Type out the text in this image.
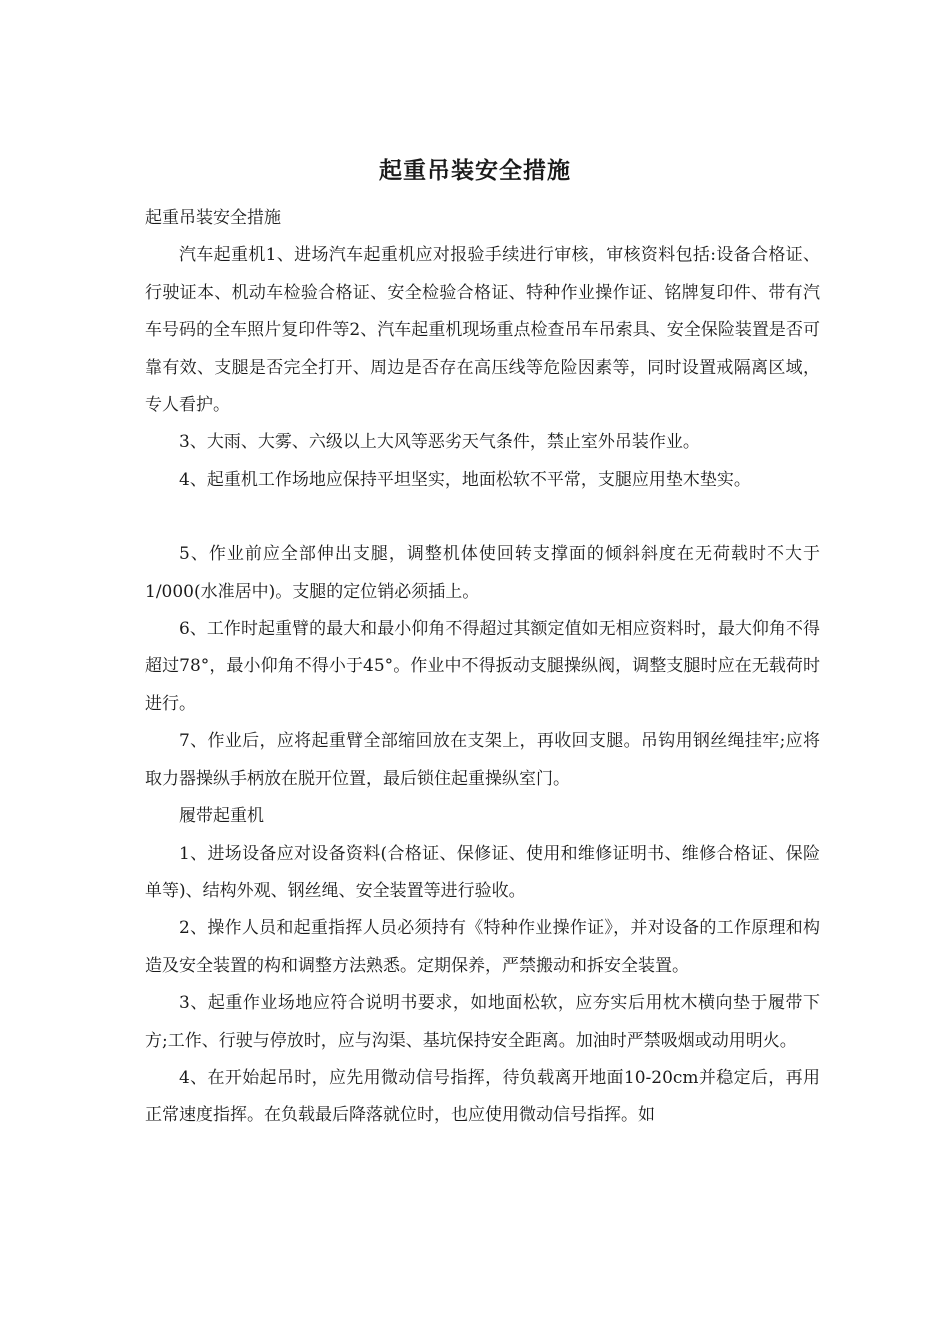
起重吊装安全措施

起重吊装安全措施

汽车起重机1、进场汽车起重机应对报验手续进行审核，审核资料包括:设备合格证、行驶证本、机动车检验合格证、安全检验合格证、特种作业操作证、铭牌复印件、带有汽车号码的全车照片复印件等2、汽车起重机现场重点检查吊车吊索具、安全保险装置是否可靠有效、支腿是否完全打开、周边是否存在高压线等危险因素等，同时设置戒隔离区域，专人看护。

3、大雨、大雾、六级以上大风等恶劣天气条件，禁止室外吊装作业。

4、起重机工作场地应保持平坦坚实，地面松软不平常，支腿应用垫木垫实。

5、作业前应全部伸出支腿，调整机体使回转支撑面的倾斜斜度在无荷载时不大于1/000(水准居中)。支腿的定位销必须插上。

6、工作时起重臂的最大和最小仰角不得超过其额定值如无相应资料时，最大仰角不得超过78°，最小仰角不得小于45°。作业中不得扳动支腿操纵阀，调整支腿时应在无载荷时进行。

7、作业后，应将起重臂全部缩回放在支架上，再收回支腿。吊钩用钢丝绳挂牢;应将取力器操纵手柄放在脱开位置，最后锁住起重操纵室门。

履带起重机

1、进场设备应对设备资料(合格证、保修证、使用和维修证明书、维修合格证、保险单等)、结构外观、钢丝绳、安全装置等进行验收。

2、操作人员和起重指挥人员必须持有《特种作业操作证》，并对设备的工作原理和构造及安全装置的构和调整方法熟悉。定期保养，严禁搬动和拆安全装置。

3、起重作业场地应符合说明书要求，如地面松软，应夯实后用枕木横向垫于履带下方;工作、行驶与停放时，应与沟渠、基坑保持安全距离。加油时严禁吸烟或动用明火。

4、在开始起吊时，应先用微动信号指挥，待负载离开地面10-20cm并稳定后，再用正常速度指挥。在负载最后降落就位时，也应使用微动信号指挥。如
